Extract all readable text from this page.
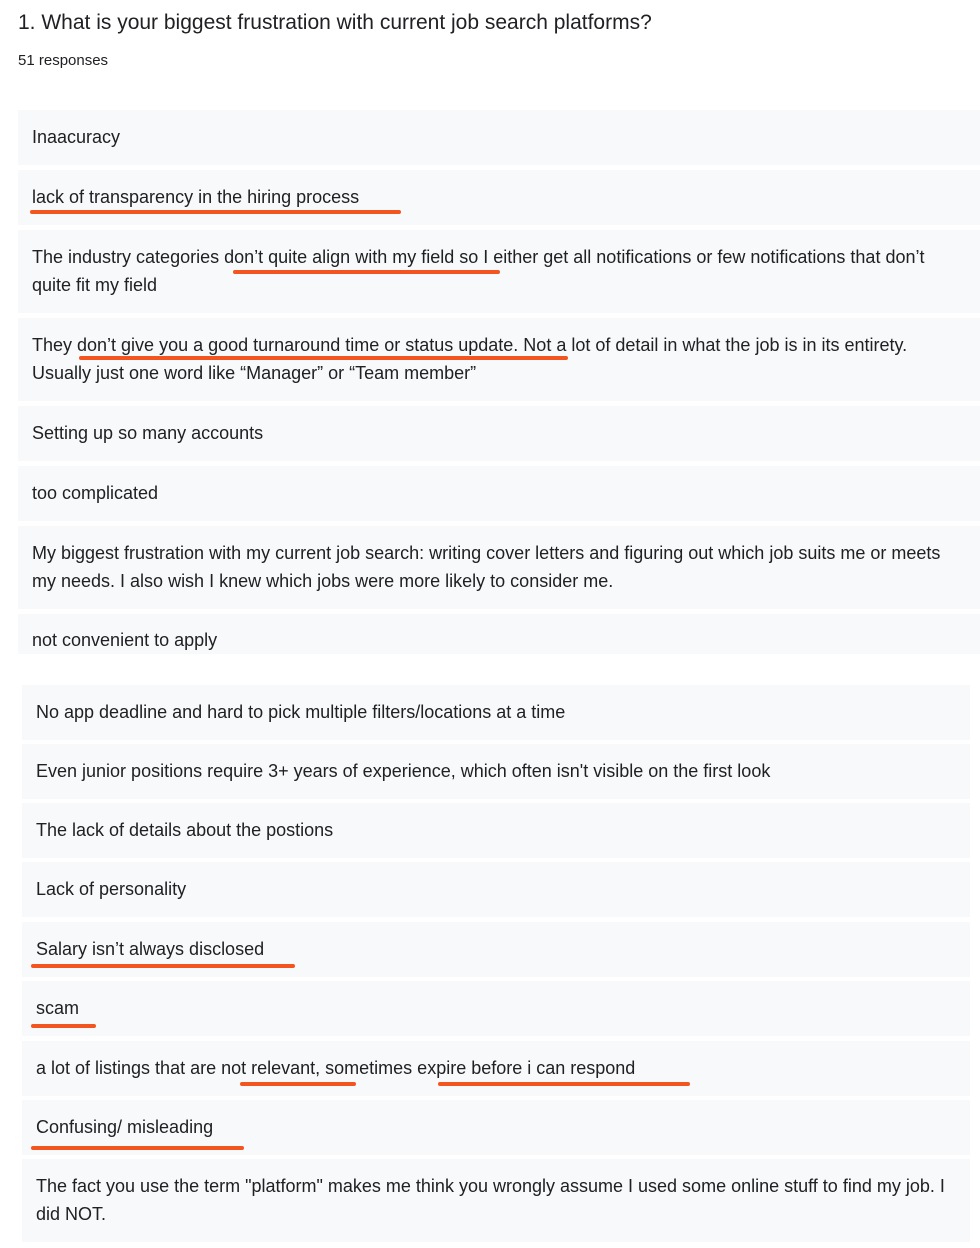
1. What is your biggest frustration with current job search platforms?
51 responses
Inaacuracy
lack of transparency in the hiring process
The industry categories don’t quite align with my field so I either get all notifications or few notifications that don’t quite fit my field
They don’t give you a good turnaround time or status update. Not a lot of detail in what the job is in its entirety. Usually just one word like “Manager” or “Team member”
Setting up so many accounts
too complicated
My biggest frustration with my current job search: writing cover letters and figuring out which job suits me or meets my needs. I also wish I knew which jobs were more likely to consider me.
not convenient to apply
No app deadline and hard to pick multiple filters/locations at a time
Even junior positions require 3+ years of experience, which often isn't visible on the first look
The lack of details about the postions
Lack of personality
Salary isn’t always disclosed
scam
a lot of listings that are not relevant, sometimes expire before i can respond
Confusing/ misleading
The fact you use the term "platform" makes me think you wrongly assume I used some online stuff to find my job. I did NOT.
